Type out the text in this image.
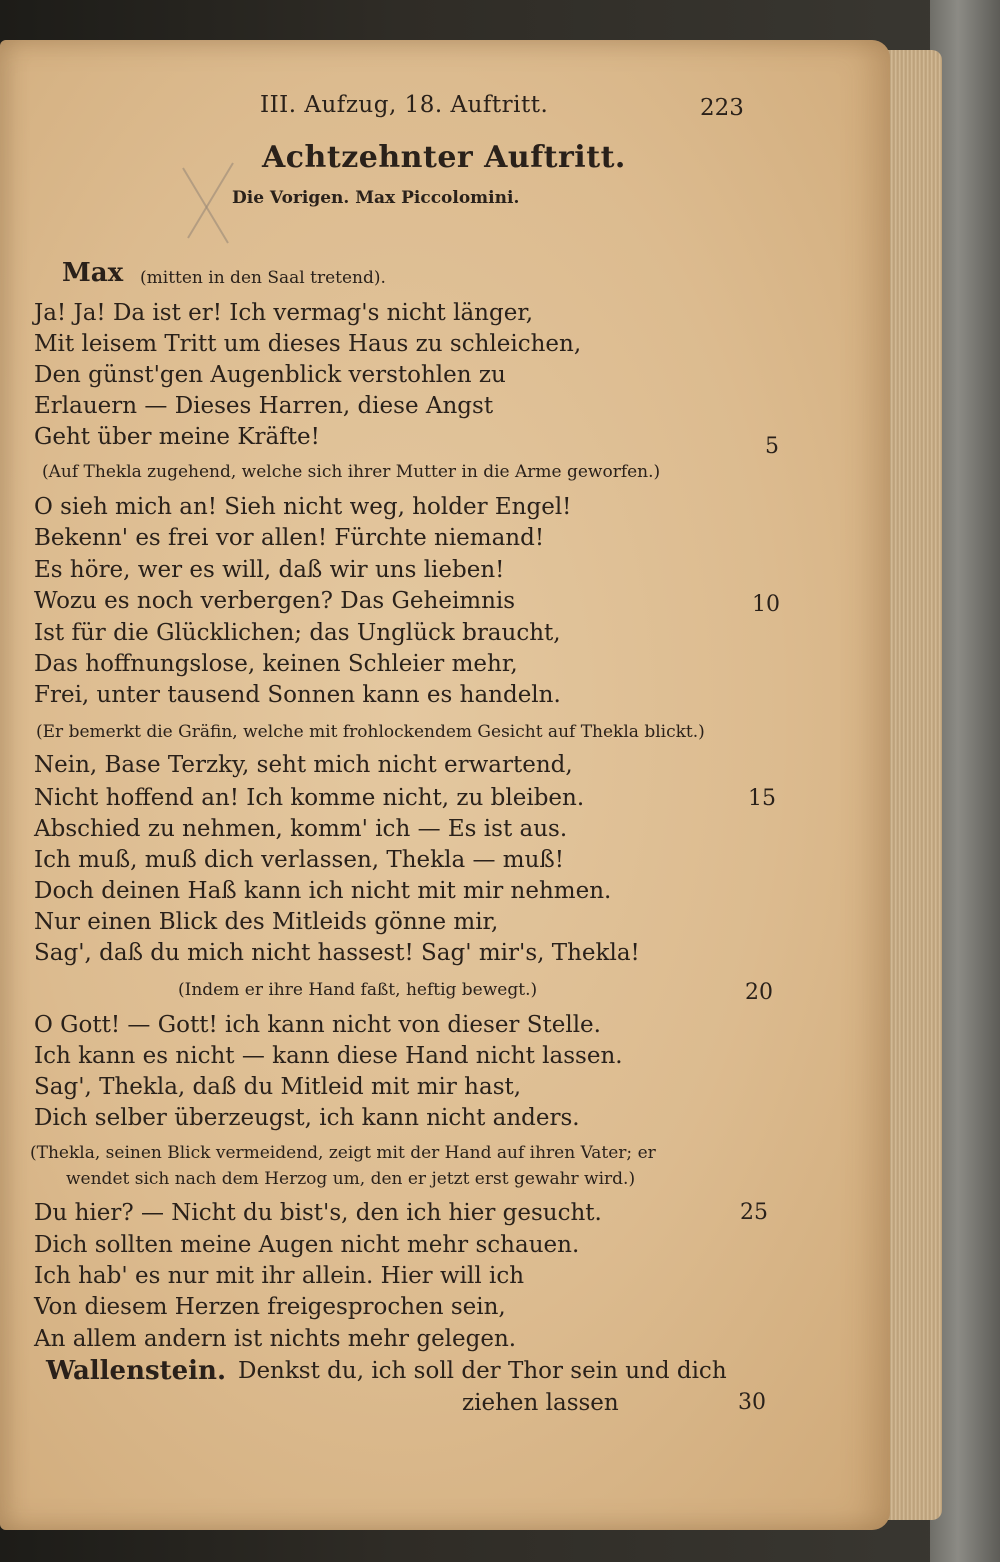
III. Aufzug, 18. Auftritt.	223
Achtzehnter Auftritt.
Die Vorigen. Max Piccolomini.
Max (mitten in den Saal tretend).
Ja! Ja! Da ist er! Ich vermag's nicht länger,
Mit leisem Tritt um dieses Haus zu schleichen,
Den günst'gen Augenblick verstohlen zu
Erlauern — Dieses Harren, diese Angst
Geht über meine Kräfte!
(Auf Thekla zugehend, welche sich ihrer Mutter in die Arme geworfen.)
O sieh mich an! Sieh nicht weg, holder Engel!
Bekenn' es frei vor allen! Fürchte niemand!
Es höre, wer es will, daß wir uns lieben!
Wozu es noch verbergen? Das Geheimnis
Ist für die Glücklichen; das Unglück braucht,
Das hoffnungslose, keinen Schleier mehr,
Frei, unter tausend Sonnen kann es handeln.
(Er bemerkt die Gräfin, welche mit frohlockendem Gesicht auf Thekla blickt.)
Nein, Base Terzky, seht mich nicht erwartend,
Nicht hoffend an! Ich komme nicht, zu bleiben.
Abschied zu nehmen, komm' ich — Es ist aus.
Ich muß, muß dich verlassen, Thekla — muß!
Doch deinen Haß kann ich nicht mit mir nehmen.
Nur einen Blick des Mitleids gönne mir,
Sag', daß du mich nicht hassest! Sag' mir's, Thekla!
(Indem er ihre Hand faßt, heftig bewegt.)
O Gott! — Gott! ich kann nicht von dieser Stelle.
Ich kann es nicht — kann diese Hand nicht lassen.
Sag', Thekla, daß du Mitleid mit mir hast,
Dich selber überzeugst, ich kann nicht anders.
(Thekla, seinen Blick vermeidend, zeigt mit der Hand auf ihren Vater; er
wendet sich nach dem Herzog um, den er jetzt erst gewahr wird.)
Du hier? — Nicht du bist's, den ich hier gesucht.
Dich sollten meine Augen nicht mehr schauen.
Ich hab' es nur mit ihr allein. Hier will ich
Von diesem Herzen freigesprochen sein,
An allem andern ist nichts mehr gelegen.
Wallenstein. Denkst du, ich soll der Thor sein und dich
ziehen lassen
5
10
15
20
25
30
